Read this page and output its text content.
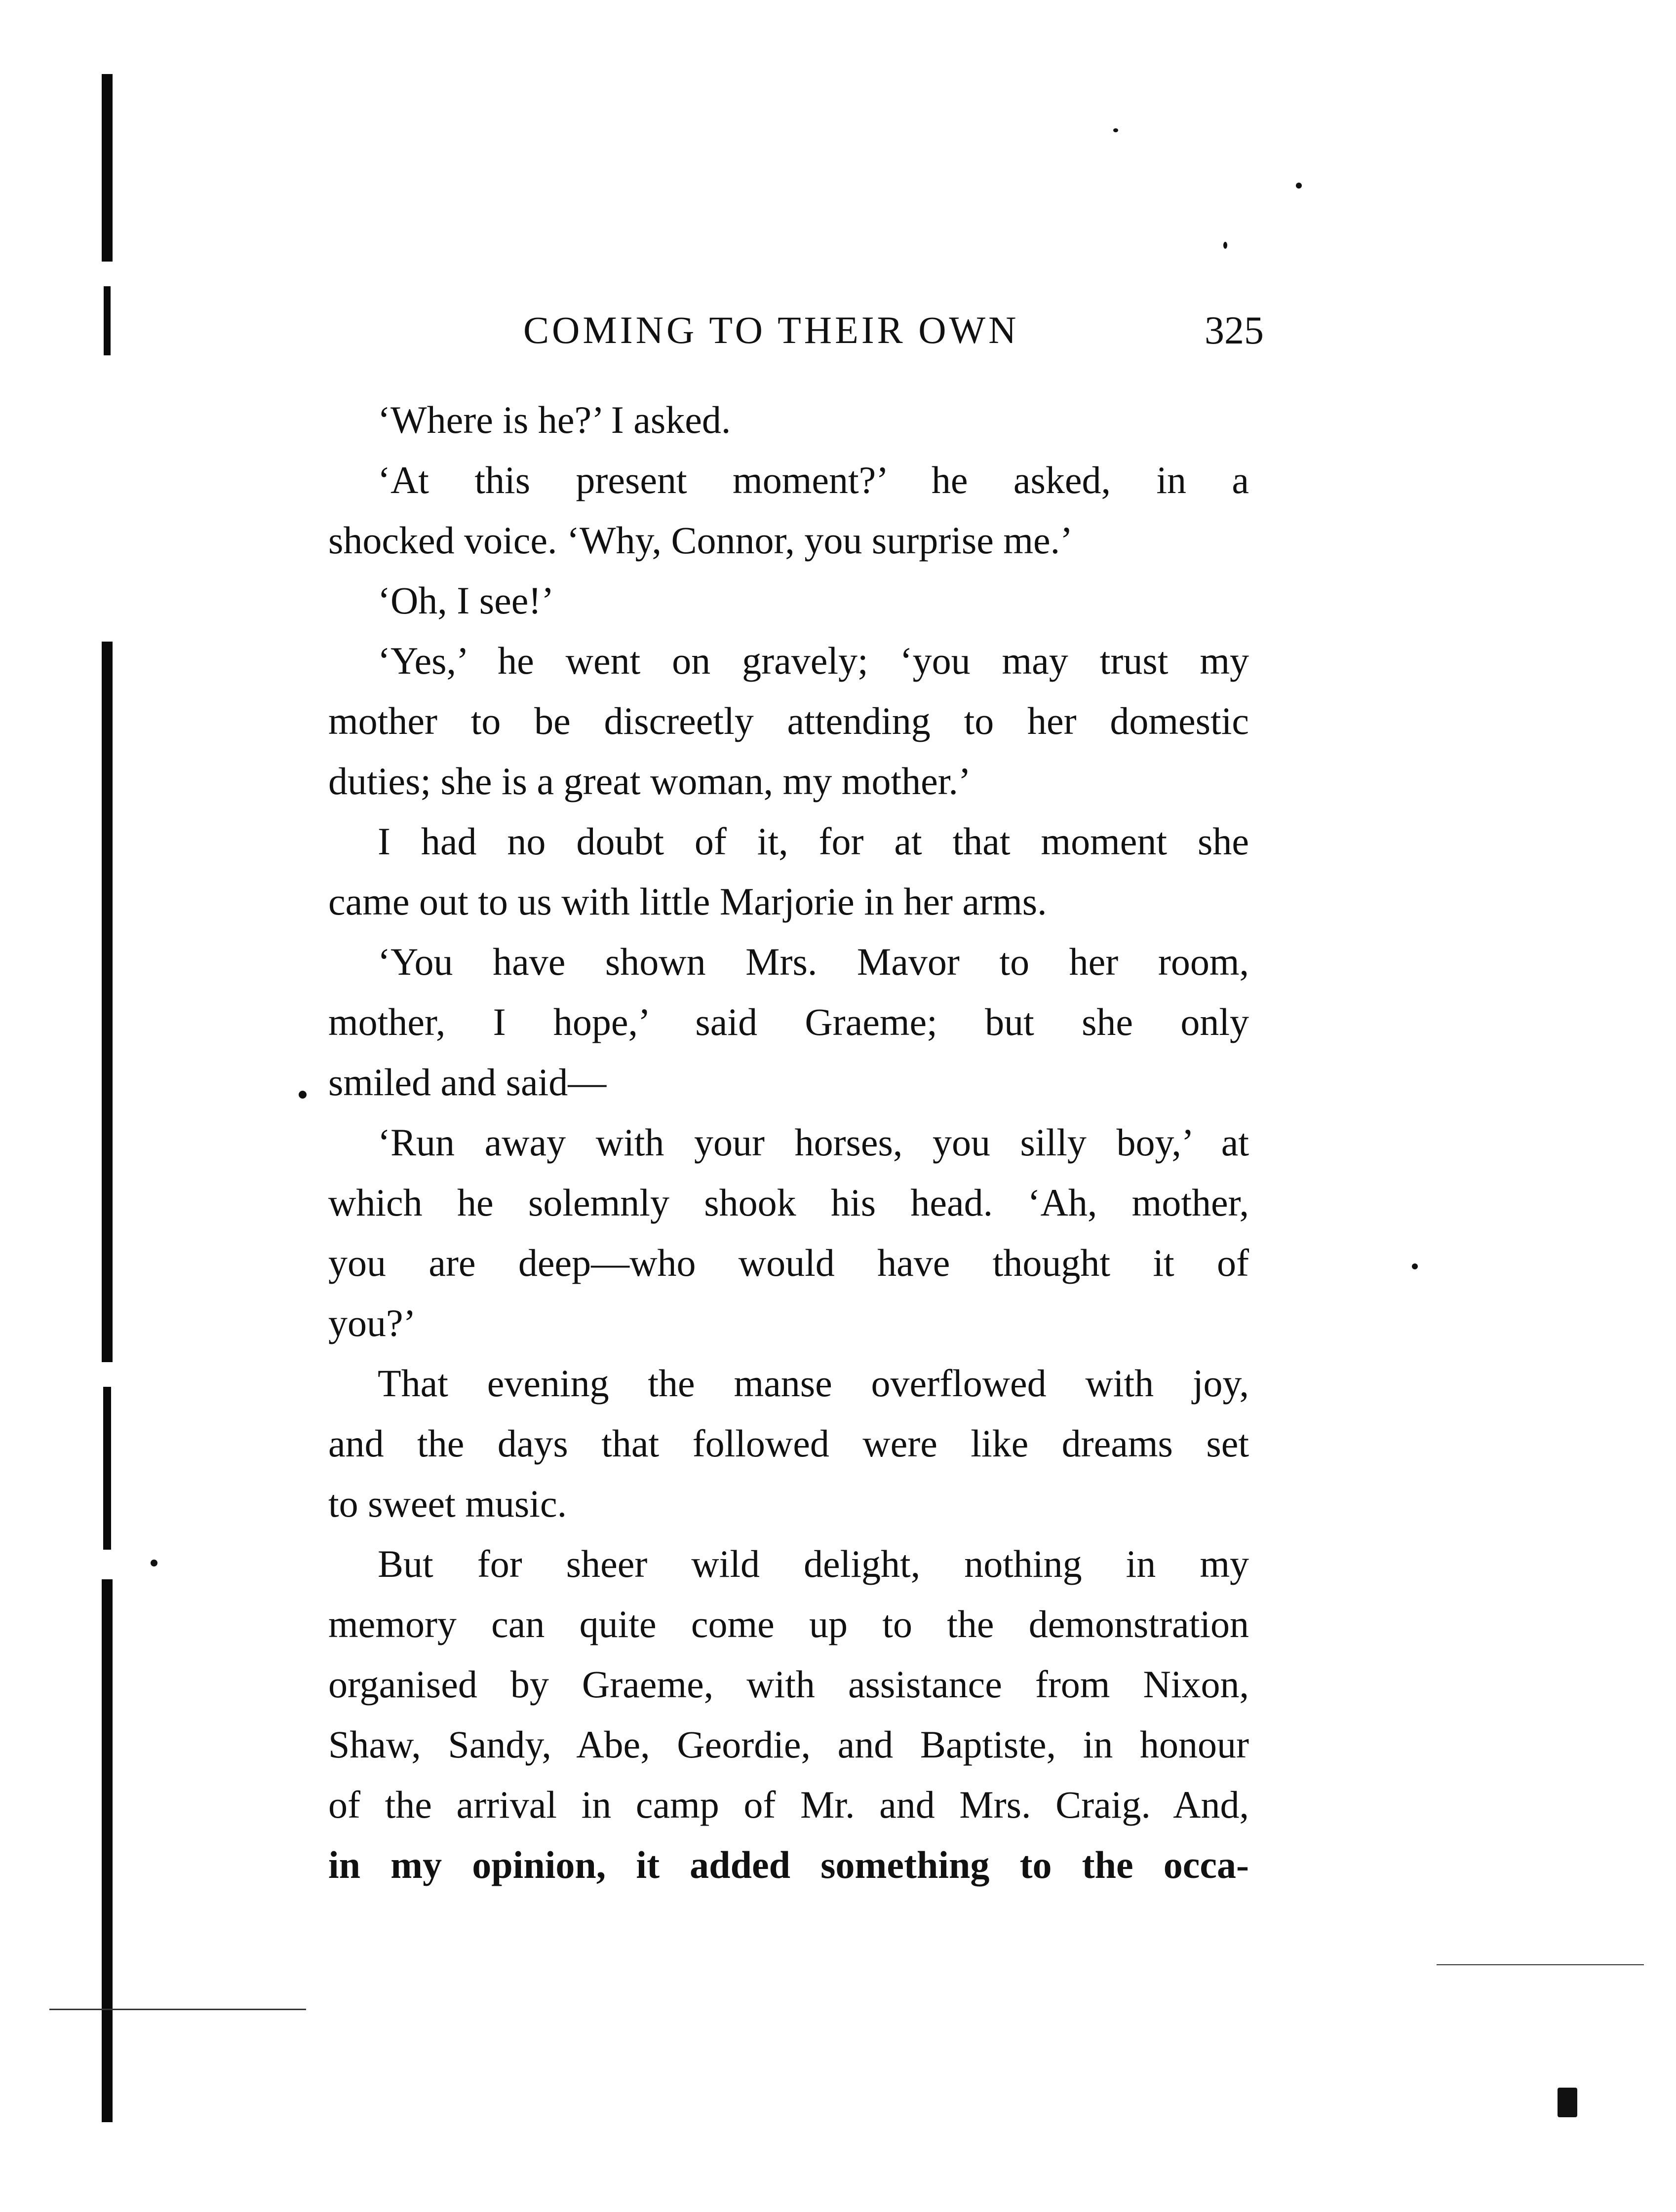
COMING TO THEIR OWN	325
‘Where is he?’ I asked.
‘At this present moment?’ he asked, in a
shocked voice. ‘Why, Connor, you surprise me.’
‘Oh, I see!’
‘Yes,’ he went on gravely; ‘you may trust my
mother to be discreetly attending to her domestic
duties; she is a great woman, my mother.’
I had no doubt of it, for at that moment she
came out to us with little Marjorie in her arms.
‘You have shown Mrs. Mavor to her room,
mother, I hope,’ said Graeme; but she only
smiled and said—
‘Run away with your horses, you silly boy,’ at
which he solemnly shook his head. ‘Ah, mother,
you are deep—who would have thought it of
you?’
That evening the manse overflowed with joy,
and the days that followed were like dreams set
to sweet music.
But for sheer wild delight, nothing in my
memory can quite come up to the demonstration
organised by Graeme, with assistance from Nixon,
Shaw, Sandy, Abe, Geordie, and Baptiste, in honour
of the arrival in camp of Mr. and Mrs. Craig. And,
in my opinion, it added something to the occa-
